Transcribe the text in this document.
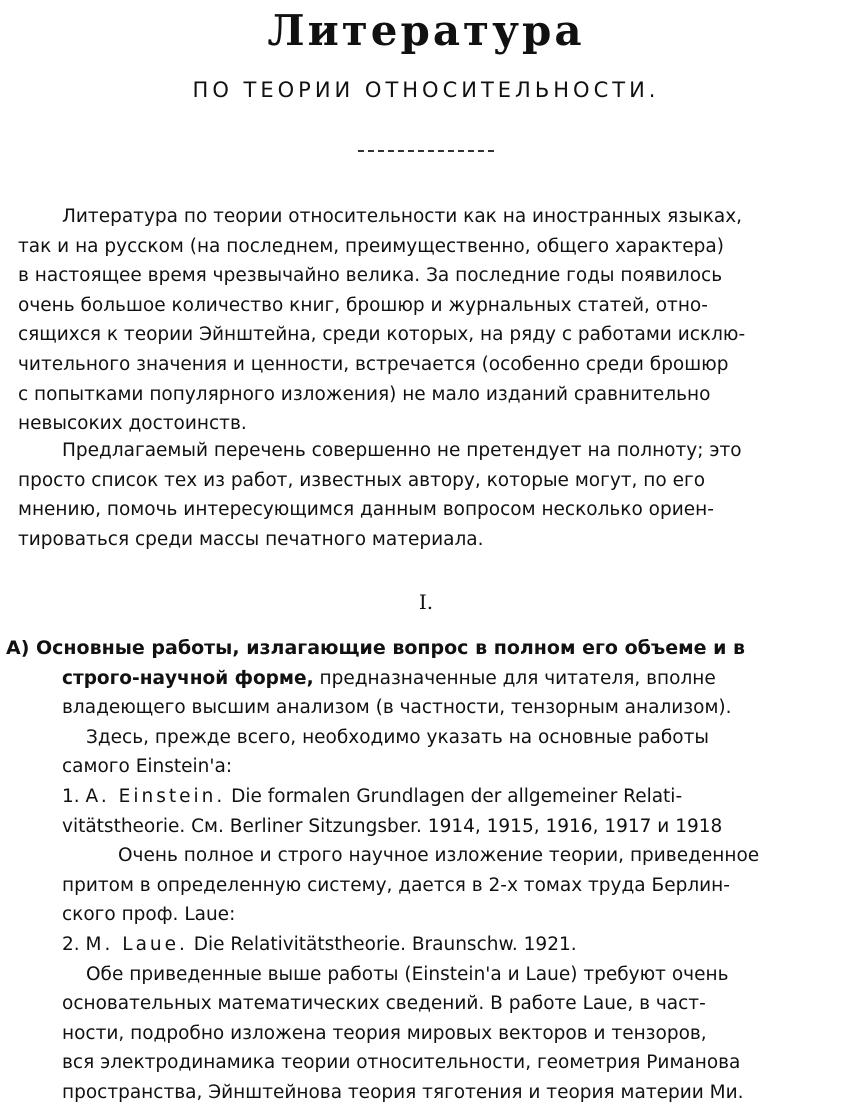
Литература
ПО ТЕОРИИ ОТНОСИТЕЛЬНОСТИ.
Литература по теории относительности как на иностранных языках,
так и на русском (на последнем, преимущественно, общего характера)
в настоящее время чрезвычайно велика. За последние годы появилось
очень большое количество книг, брошюр и журнальных статей, отно-
сящихся к теории Эйнштейна, среди которых, на ряду с работами исклю-
чительного значения и ценности, встречается (особенно среди брошюр
с попытками популярного изложения) не мало изданий сравнительно
невысоких достоинств.
Предлагаемый перечень совершенно не претендует на полноту; это
просто список тех из работ, известных автору, которые могут, по его
мнению, помочь интересующимся данным вопросом несколько ориен-
тироваться среди массы печатного материала.
I.
А) Основные работы, излагающие вопрос в полном его объеме и в
строго-научной форме, предназначенные для читателя, вполне
владеющего высшим анализом (в частности, тензорным анализом).
Здесь, прежде всего, необходимо указать на основные работы
самого Einstein'a:
1. A. Einstein. Die formalen Grundlagen der allgemeiner Relati-
vitätstheorie. См. Berliner Sitzungsber. 1914, 1915, 1916, 1917 и 1918
Очень полное и строго научное изложение теории, приведенное
притом в определенную систему, дается в 2-х томах труда Берлин-
ского проф. Laue:
2. M. Laue. Die Relativitätstheorie. Braunschw. 1921.
Обе приведенные выше работы (Einstein'a и Laue) требуют очень
основательных математических сведений. В работе Laue, в част-
ности, подробно изложена теория мировых векторов и тензоров,
вся электродинамика теории относительности, геометрия Риманова
пространства, Эйнштейнова теория тяготения и теория материи Ми.
